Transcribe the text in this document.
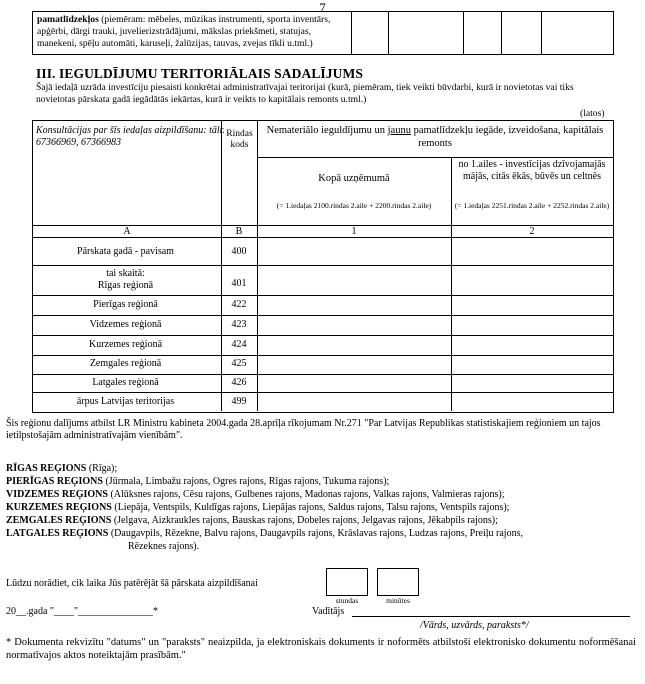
7
pamatlīdzekļos (piemēram: mēbeles, mūzikas instrumenti, sporta inventārs, apģērbi, dārgi trauki, juvelierizstrādājumi, mākslas priekšmeti, statujas, manekeni, spēļu automāti, karuseļi, žalūzijas, tauvas, zvejas tīkli u.tml.)
III. IEGULDĪJUMU TERITORIĀLAIS SADALĪJUMS
Šajā iedaļā uzrāda investīciju piesaisti konkrētai administratīvajai teritorijai (kurā, piemēram, tiek veikti būvdarbi, kurā ir novietotas vai tiks novietotas pārskata gadā iegādātās iekārtas, kurā ir veikts to kapitālais remonts u.tml.)
(latos)
Konsultācijas par šīs iedaļas aizpildīšanu: tālr. 67366969, 67366983
Rindas kods
Nemateriālo ieguldījumu un jaunu pamatlīdzekļu iegāde, izveidošana, kapitālais remonts
Kopā uzņēmumā
(= 1.iedaļas 2100.rindas 2.aile + 2200.rindas 2.aile)
no 1.ailes - investīcijas dzīvojamajās mājās, citās ēkās, būvēs un celtnēs
(= 1.iedaļas 2251.rindas 2.aile + 2252.rindas 2.aile)
A	B	1	2
Pārskata gadā - pavisam	400
tai skaitā:
Rīgas reģionā	401
Pierīgas reģionā	422
Vidzemes reģionā	423
Kurzemes reģionā	424
Zemgales reģionā	425
Latgales reģionā	426
ārpus Latvijas teritorijas	499
Šis reģionu dalījums atbilst LR Ministru kabineta 2004.gada 28.aprīļa rīkojumam Nr.271 "Par Latvijas Republikas statistiskajiem reģioniem un tajos ietilpstošajām administratīvajām vienībām".
RĪGAS REĢIONS (Rīga);
PIERĪGAS REĢIONS (Jūrmala, Limbažu rajons, Ogres rajons, Rīgas rajons, Tukuma rajons);
VIDZEMES REĢIONS (Alūksnes rajons, Cēsu rajons, Gulbenes rajons, Madonas rajons, Valkas rajons, Valmieras rajons);
KURZEMES REĢIONS (Liepāja, Ventspils, Kuldīgas rajons, Liepājas rajons, Saldus rajons, Talsu rajons, Ventspils rajons);
ZEMGALES REĢIONS (Jelgava, Aizkraukles rajons, Bauskas rajons, Dobeles rajons, Jelgavas rajons, Jēkabpils rajons);
LATGALES REĢIONS (Daugavpils, Rēzekne, Balvu rajons, Daugavpils rajons, Krāslavas rajons, Ludzas rajons, Preiļu rajons,
Rēzeknes rajons).
Lūdzu norādiet, cik laika Jūs patērējāt šā pārskata aizpildīšanai
stundas	minūtes
20__.gada "____"_______________*	Vadītājs
/Vārds, uzvārds, paraksts*/
* Dokumenta rekvizītu "datums" un "paraksts" neaizpilda, ja elektroniskais dokuments ir noformēts atbilstoši elektronisko dokumentu noformēšanai normatīvajos aktos noteiktajām prasībām."
